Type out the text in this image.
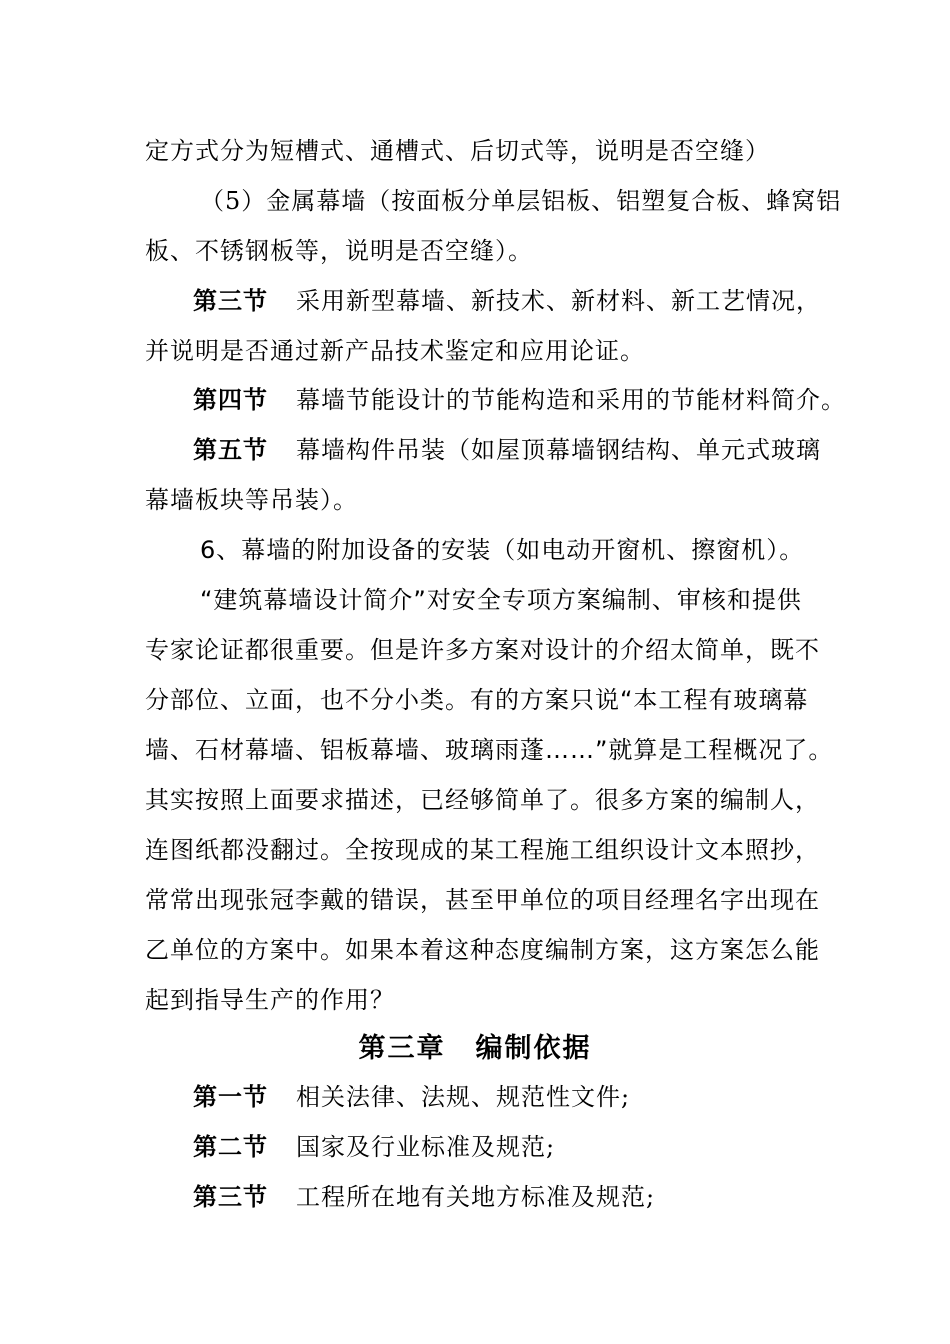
定方式分为短槽式、通槽式、后切式等，说明是否空缝）
（5）金属幕墙（按面板分单层铝板、铝塑复合板、蜂窝铝
板、不锈钢板等，说明是否空缝）。
第三节 采用新型幕墙、新技术、新材料、新工艺情况，
并说明是否通过新产品技术鉴定和应用论证。
第四节 幕墙节能设计的节能构造和采用的节能材料简介。
第五节 幕墙构件吊装（如屋顶幕墙钢结构、单元式玻璃
幕墙板块等吊装）。
6、幕墙的附加设备的安装（如电动开窗机、擦窗机）。
“建筑幕墙设计简介”对安全专项方案编制、审核和提供
专家论证都很重要。但是许多方案对设计的介绍太简单，既不
分部位、立面，也不分小类。有的方案只说“本工程有玻璃幕
墙、石材幕墙、铝板幕墙、玻璃雨蓬……”就算是工程概况了。
其实按照上面要求描述，已经够简单了。很多方案的编制人，
连图纸都没翻过。全按现成的某工程施工组织设计文本照抄，
常常出现张冠李戴的错误，甚至甲单位的项目经理名字出现在
乙单位的方案中。如果本着这种态度编制方案，这方案怎么能
起到指导生产的作用？
第三章 编制依据
第一节 相关法律、法规、规范性文件;
第二节 国家及行业标准及规范;
第三节 工程所在地有关地方标准及规范;
